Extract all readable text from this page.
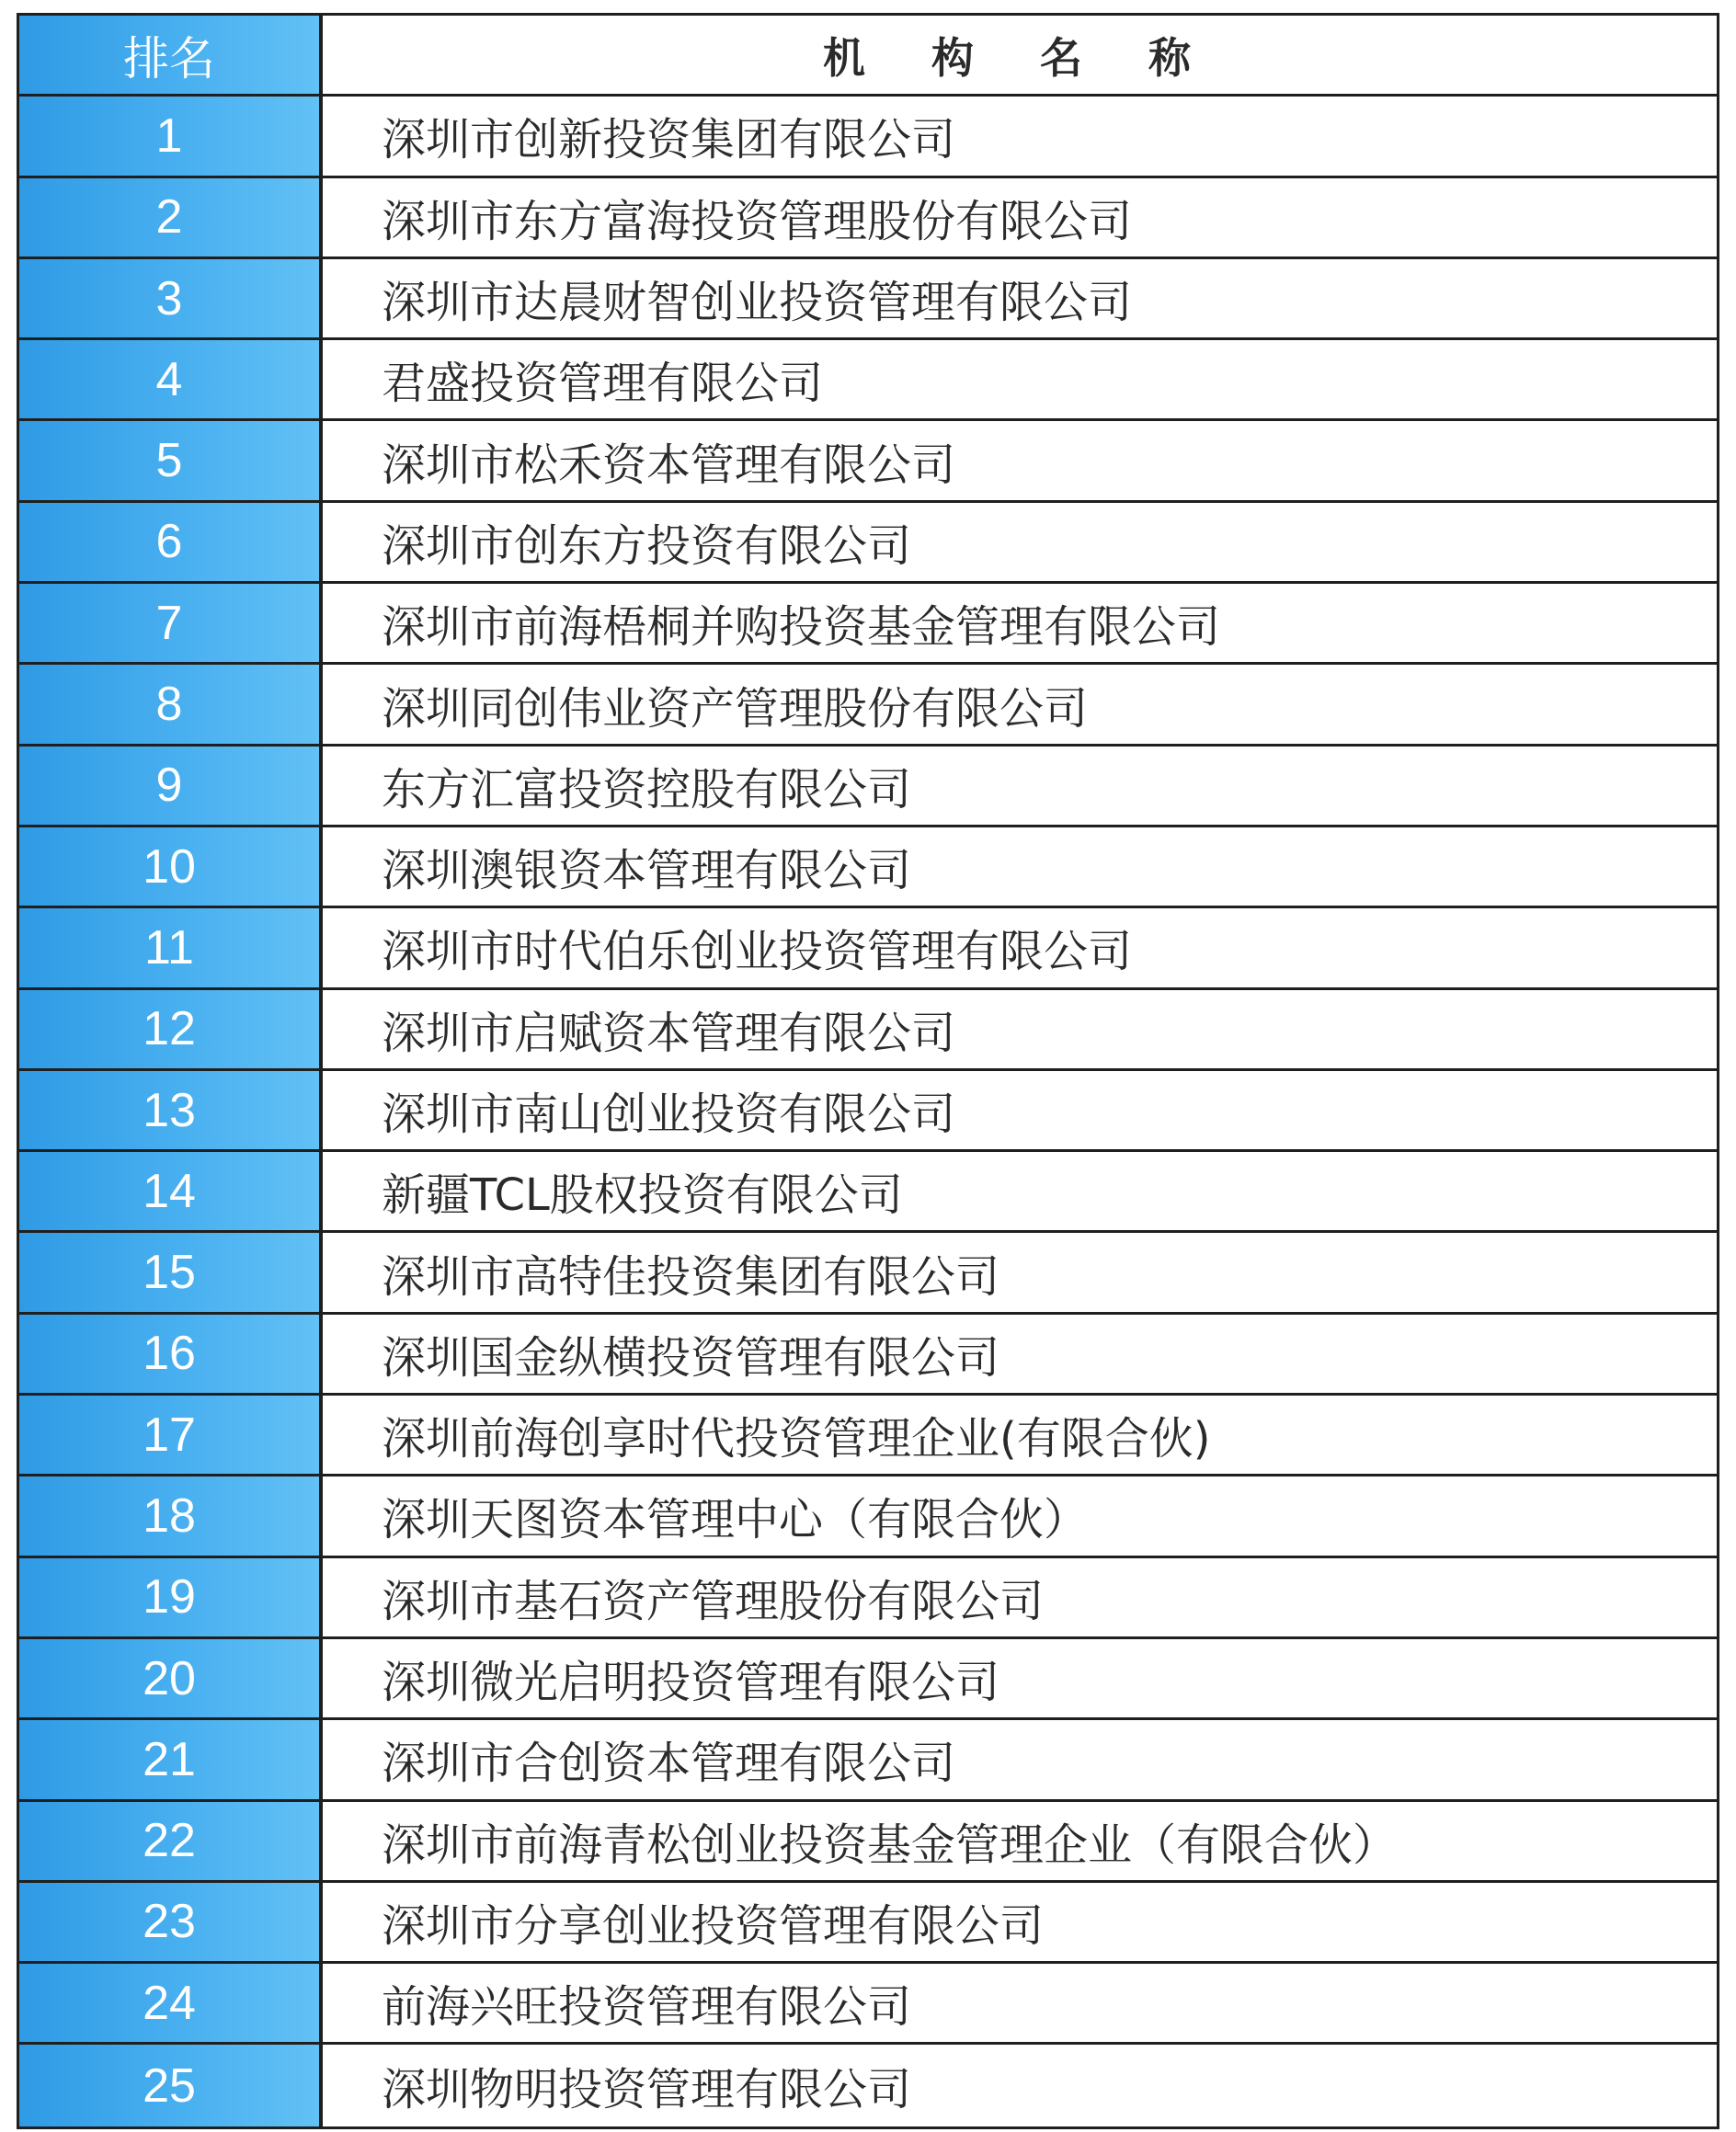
排名	机 构 名 称
1	深圳市创新投资集团有限公司
2	深圳市东方富海投资管理股份有限公司
3	深圳市达晨财智创业投资管理有限公司
4	君盛投资管理有限公司
5	深圳市松禾资本管理有限公司
6	深圳市创东方投资有限公司
7	深圳市前海梧桐并购投资基金管理有限公司
8	深圳同创伟业资产管理股份有限公司
9	东方汇富投资控股有限公司
10	深圳澳银资本管理有限公司
11	深圳市时代伯乐创业投资管理有限公司
12	深圳市启赋资本管理有限公司
13	深圳市南山创业投资有限公司
14	新疆TCL股权投资有限公司
15	深圳市高特佳投资集团有限公司
16	深圳国金纵横投资管理有限公司
17	深圳前海创享时代投资管理企业(有限合伙)
18	深圳天图资本管理中心（有限合伙）
19	深圳市基石资产管理股份有限公司
20	深圳微光启明投资管理有限公司
21	深圳市合创资本管理有限公司
22	深圳市前海青松创业投资基金管理企业（有限合伙）
23	深圳市分享创业投资管理有限公司
24	前海兴旺投资管理有限公司
25	深圳物明投资管理有限公司
